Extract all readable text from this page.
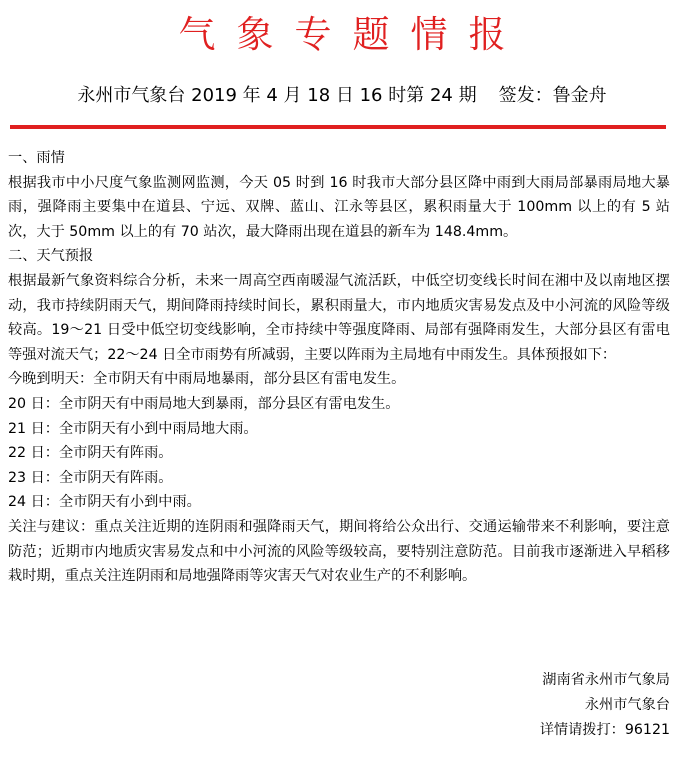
气象专题情报
永州市气象台 2019 年 4 月 18 日 16 时第 24 期 签发：鲁金舟

一、雨情

根据我市中小尺度气象监测网监测，今天 05 时到 16 时我市大部分县区降中雨到大雨局部暴雨局地大暴雨，强降雨主要集中在道县、宁远、双牌、蓝山、江永等县区，累积雨量大于 100mm 以上的有 5 站次，大于 50mm 以上的有 70 站次，最大降雨出现在道县的新车为 148.4mm。

二、天气预报

根据最新气象资料综合分析，未来一周高空西南暖湿气流活跃，中低空切变线长时间在湘中及以南地区摆动，我市持续阴雨天气，期间降雨持续时间长，累积雨量大，市内地质灾害易发点及中小河流的风险等级较高。19～21 日受中低空切变线影响，全市持续中等强度降雨、局部有强降雨发生，大部分县区有雷电等强对流天气；22～24 日全市雨势有所减弱，主要以阵雨为主局地有中雨发生。具体预报如下：

今晚到明天：全市阴天有中雨局地暴雨，部分县区有雷电发生。

20 日：全市阴天有中雨局地大到暴雨，部分县区有雷电发生。

21 日：全市阴天有小到中雨局地大雨。

22 日：全市阴天有阵雨。

23 日：全市阴天有阵雨。

24 日：全市阴天有小到中雨。

关注与建议：重点关注近期的连阴雨和强降雨天气，期间将给公众出行、交通运输带来不利影响，要注意防范；近期市内地质灾害易发点和中小河流的风险等级较高，要特别注意防范。目前我市逐渐进入早稻移栽时期，重点关注连阴雨和局地强降雨等灾害天气对农业生产的不利影响。

湖南省永州市气象局
永州市气象台
详情请拨打：96121
